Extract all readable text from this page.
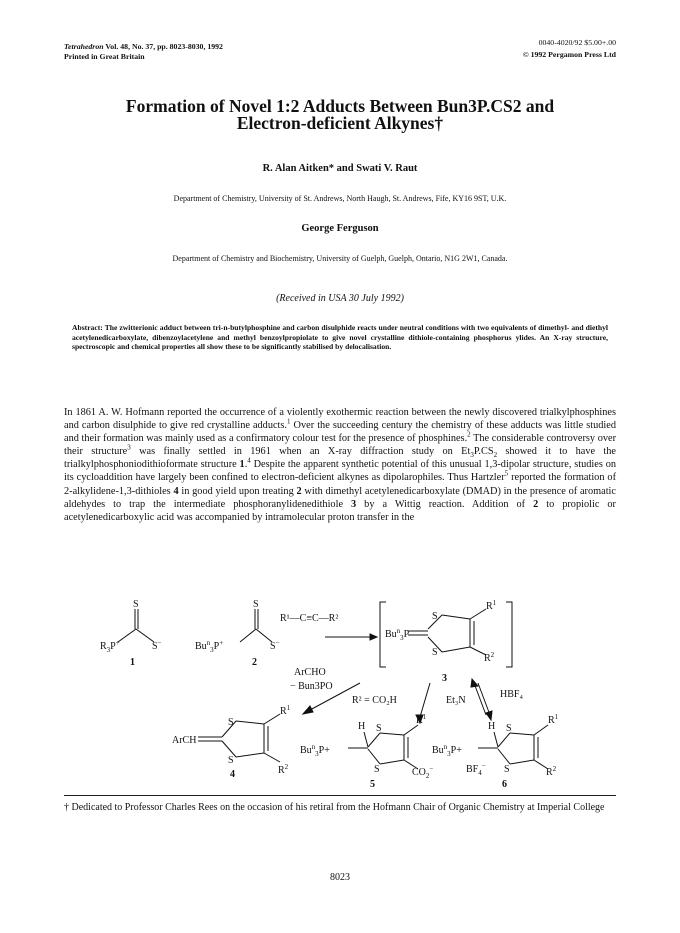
Tetrahedron Vol. 48, No. 37, pp. 8023-8030, 1992
Printed in Great Britain
0040-4020/92 $5.00+.00
© 1992 Pergamon Press Ltd
Formation of Novel 1:2 Adducts Between Bun3P.CS2 and
Electron-deficient Alkynes†
R. Alan Aitken* and Swati V. Raut
Department of Chemistry, University of St. Andrews, North Haugh, St. Andrews, Fife, KY16 9ST, U.K.
George Ferguson
Department of Chemistry and Biochemistry, University of Guelph, Guelph, Ontario, N1G 2W1, Canada.
(Received in USA 30 July 1992)
Abstract: The zwitterionic adduct between tri-n-butylphosphine and carbon disulphide reacts under neutral conditions with two equivalents of dimethyl- and diethyl acetylenedicarboxylate, dibenzoylacetylene and methyl benzoylpropiolate to give novel crystalline dithiole-containing phosphorus ylides. An X-ray structure, spectroscopic and chemical properties all show these to be significantly stabilised by delocalisation.
In 1861 A. W. Hofmann reported the occurrence of a violently exothermic reaction between the newly discovered trialkylphosphines and carbon disulphide to give red crystalline adducts.$^1$ Over the succeeding century the chemistry of these adducts was little studied and their formation was mainly used as a confirmatory colour test for the presence of phosphines.$^2$ The considerable controversy over their structure$^3$ was finally settled in 1961 when an X-ray diffraction study on $Et_3P.CS_2$ showed it to have the trialkylphosphoniodithioformate structure 1.$^4$ Despite the apparent synthetic potential of this unusual 1,3-dipolar structure, studies on its cycloaddition have largely been confined to electron-deficient alkynes as dipolarophiles. Thus Hartzler$^5$ reported the formation of 2-alkylidene-1,3-dithioles 4 in good yield upon treating 2 with dimethyl acetylenedicarboxylate (DMAD) in the presence of aromatic aldehydes to trap the intermediate phosphoranylidenedithiole 3 by a Wittig reaction. Addition of 2 to propiolic or acetylenedicarboxylic acid was accompanied by intramolecular proton transfer in the
S
$R_3P^+$	S−
1
S
$Bu^n_3P^+$	S−
2
R¹—C≡C—R²
$Bu^n_3P$
S
S
$R^1$
$R^2$
3
ArCHO
− Bun3PO
R² = CO₂H	Et₃N
HBF₄
ArCH
S
S
$R^1$
$R^2$
4
$Bu^n_3P+$
H S
S
$R^1$
$CO_2^-$
5
$Bu^n_3P+$
H S
S
$BF_4^-$
$R^1$
$R^2$
6
† Dedicated to Professor Charles Rees on the occasion of his retiral from the Hofmann Chair of Organic Chemistry at Imperial College
8023
